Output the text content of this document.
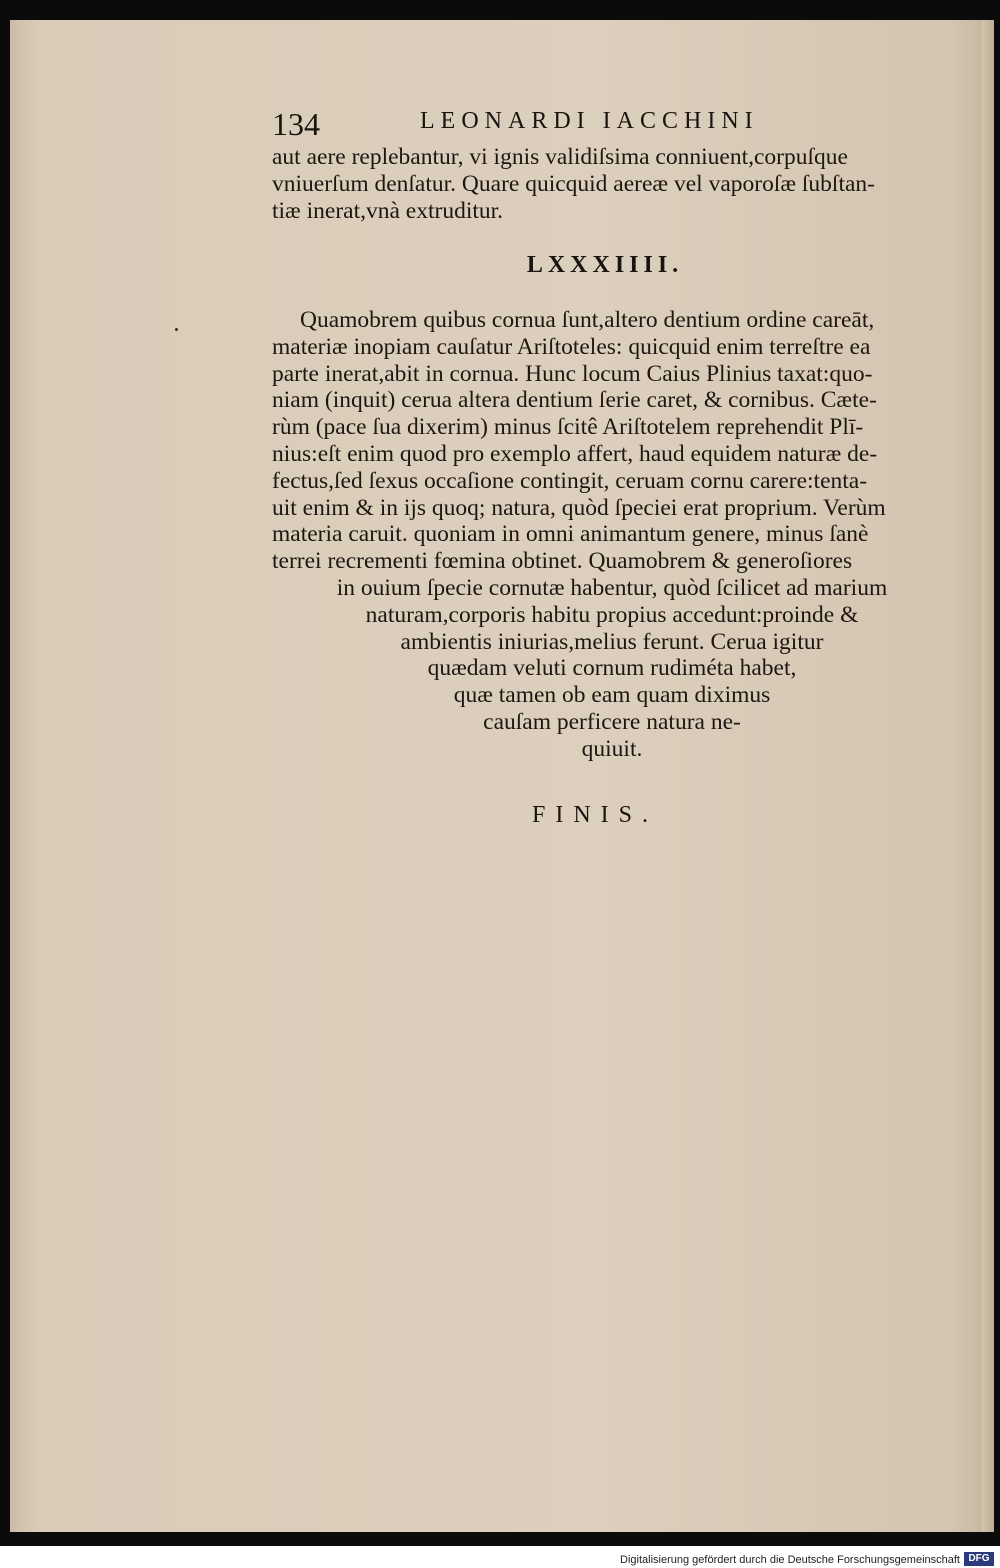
134	LEONARDI IACCHINI
aut aere replebantur, vi ignis validiſsima conniuent,corpuſque
vniuerſum denſatur. Quare quicquid aereæ vel vaporoſæ ſubſtan-
tiæ inerat,vnà extruditur.
LXXXIIII.
Quamobrem quibus cornua ſunt,altero dentium ordine careāt,
materiæ inopiam cauſatur Ariſtoteles: quicquid enim terreſtre ea
parte inerat,abit in cornua. Hunc locum Caius Plinius taxat:quo-
niam (inquit) cerua altera dentium ſerie caret, & cornibus. Cæte-
rùm (pace ſua dixerim) minus ſcitê Ariſtotelem reprehendit Plī-
nius:eſt enim quod pro exemplo affert, haud equidem naturæ de-
fectus,ſed ſexus occaſione contingit, ceruam cornu carere:tenta-
uit enim & in ijs quoq; natura, quòd ſpeciei erat proprium. Verùm
materia caruit. quoniam in omni animantum genere, minus ſanè
terrei recrementi fœmina obtinet. Quamobrem & generoſiores
in ouium ſpecie cornutæ habentur, quòd ſcilicet ad marium
naturam,corporis habitu propius accedunt:proinde &
ambientis iniurias,melius ferunt. Cerua igitur
quædam veluti cornum rudiméta habet,
quæ tamen ob eam quam diximus
cauſam perficere natura ne-
quiuit.
FINIS.
Digitalisierung gefördert durch die Deutsche Forschungsgemeinschaft DFG
